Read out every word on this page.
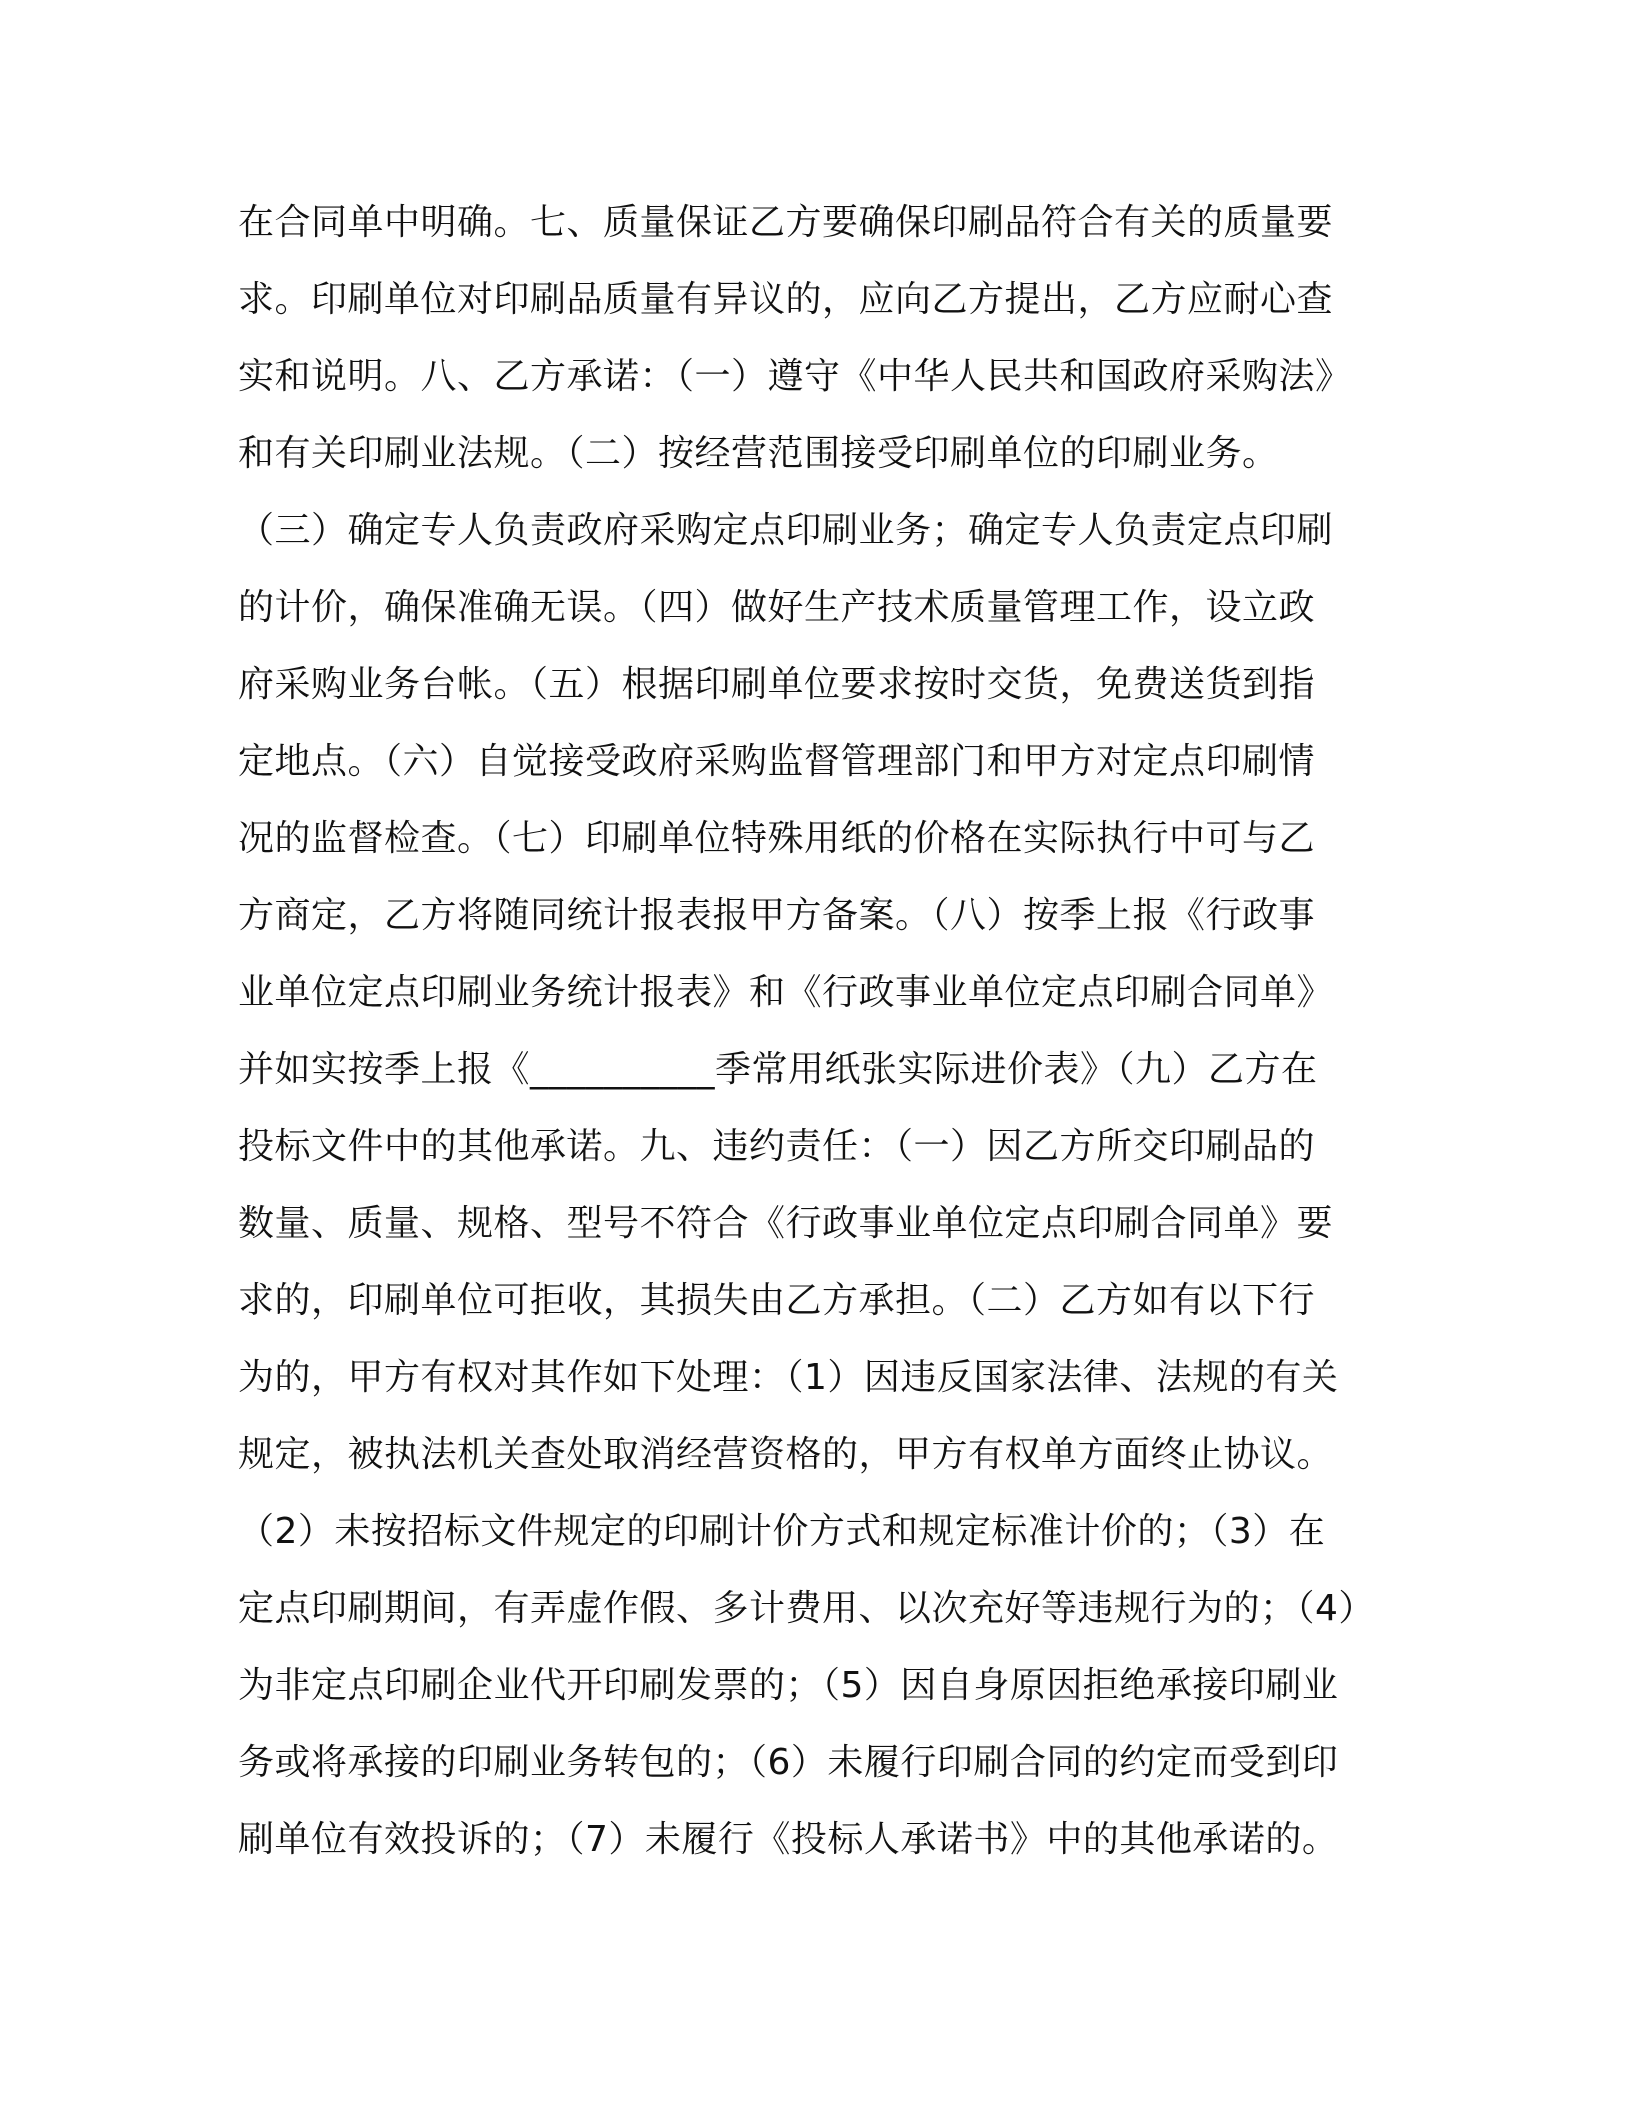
在合同单中明确。七、质量保证乙方要确保印刷品符合有关的质量要
求。印刷单位对印刷品质量有异议的，应向乙方提出，乙方应耐心查
实和说明。八、乙方承诺：（一）遵守《中华人民共和国政府采购法》
和有关印刷业法规。（二）按经营范围接受印刷单位的印刷业务。
（三）确定专人负责政府采购定点印刷业务；确定专人负责定点印刷
的计价，确保准确无误。（四）做好生产技术质量管理工作，设立政
府采购业务台帐。（五）根据印刷单位要求按时交货，免费送货到指
定地点。（六）自觉接受政府采购监督管理部门和甲方对定点印刷情
况的监督检查。（七）印刷单位特殊用纸的价格在实际执行中可与乙
方商定，乙方将随同统计报表报甲方备案。（八）按季上报《行政事
业单位定点印刷业务统计报表》和《行政事业单位定点印刷合同单》
并如实按季上报《__________季常用纸张实际进价表》（九）乙方在
投标文件中的其他承诺。九、违约责任：（一）因乙方所交印刷品的
数量、质量、规格、型号不符合《行政事业单位定点印刷合同单》要
求的，印刷单位可拒收，其损失由乙方承担。（二）乙方如有以下行
为的，甲方有权对其作如下处理：（1）因违反国家法律、法规的有关
规定，被执法机关查处取消经营资格的，甲方有权单方面终止协议。
（2）未按招标文件规定的印刷计价方式和规定标准计价的；（3）在
定点印刷期间，有弄虚作假、多计费用、以次充好等违规行为的；（4）
为非定点印刷企业代开印刷发票的；（5）因自身原因拒绝承接印刷业
务或将承接的印刷业务转包的；（6）未履行印刷合同的约定而受到印
刷单位有效投诉的；（7）未履行《投标人承诺书》中的其他承诺的。
